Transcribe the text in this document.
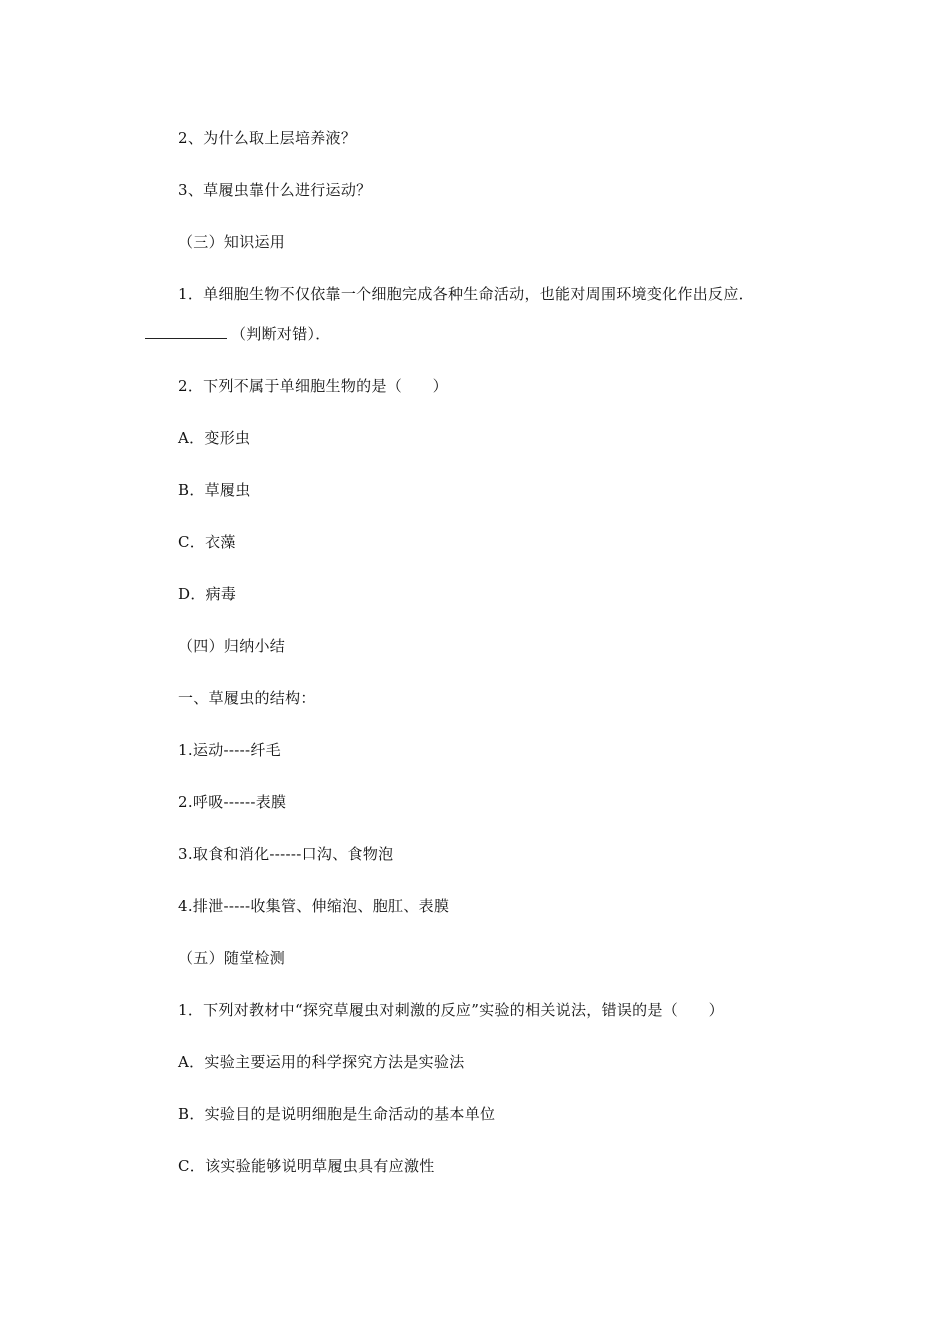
2、为什么取上层培养液？
3、草履虫靠什么进行运动？
（三）知识运用
1．单细胞生物不仅依靠一个细胞完成各种生命活动，也能对周围环境变化作出反应．
（判断对错）．
2．下列不属于单细胞生物的是（　　）
A．变形虫
B．草履虫
C．衣藻
D．病毒
（四）归纳小结
一、草履虫的结构：
1.运动-----纤毛
2.呼吸------表膜
3.取食和消化------口沟、食物泡
4.排泄-----收集管、伸缩泡、胞肛、表膜
（五）随堂检测
1．下列对教材中“探究草履虫对刺激的反应”实验的相关说法，错误的是（　　）
A．实验主要运用的科学探究方法是实验法
B．实验目的是说明细胞是生命活动的基本单位
C．该实验能够说明草履虫具有应激性
